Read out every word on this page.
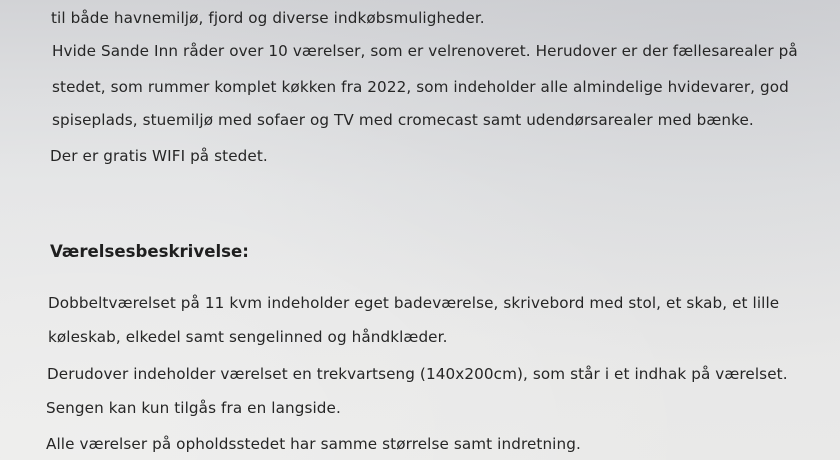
til både havnemiljø, fjord og diverse indkøbsmuligheder.
Hvide Sande Inn råder over 10 værelser, som er velrenoveret. Herudover er der fællesarealer på
stedet, som rummer komplet køkken fra 2022, som indeholder alle almindelige hvidevarer, god
spiseplads, stuemiljø med sofaer og TV med cromecast samt udendørsarealer med bænke.
Der er gratis WIFI på stedet.
Værelsesbeskrivelse:
Dobbeltværelset på 11 kvm indeholder eget badeværelse, skrivebord med stol, et skab, et lille
køleskab, elkedel samt sengelinned og håndklæder.
Derudover indeholder værelset en trekvartseng (140x200cm), som står i et indhak på værelset.
Sengen kan kun tilgås fra en langside.
Alle værelser på opholdsstedet har samme størrelse samt indretning.
